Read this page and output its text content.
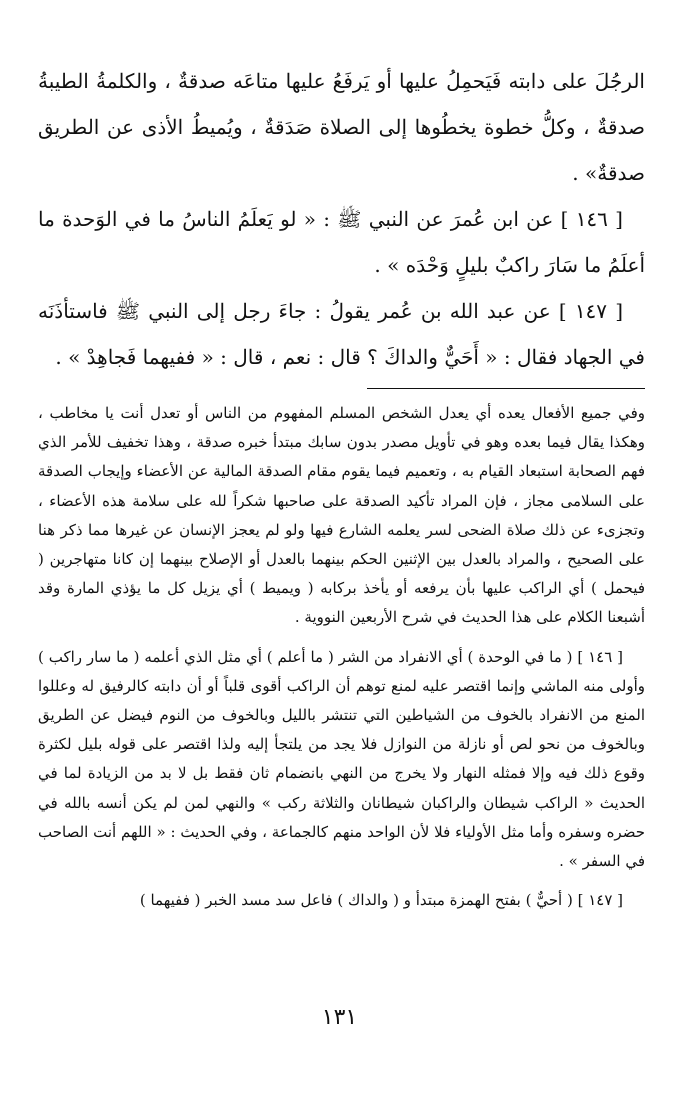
الرجُلَ على دابته فَيَحمِلُ عليها أو يَرفَعُ عليها متاعَه صدقةٌ ، والكلمةُ الطيبةُ صدقةٌ ، وكلُّ خطوة يخطُوها إلى الصلاة صَدَقةٌ ، ويُميطُ الأذى عن الطريق صدقةٌ» .

[ ١٤٦ ] عن ابن عُمرَ عن النبي ﷺ : « لو يَعلَمُ الناسُ ما في الوَحدة ما أعلَمُ ما سَارَ راكبٌ بليلٍ وَحْدَه » .

[ ١٤٧ ] عن عبد الله بن عُمر يقولُ : جاءَ رجل إلى النبي ﷺ فاستأذَنَه في الجهاد فقال : « أَحَيٌّ والداكَ ؟ قال : نعم ، قال : « ففيهما فَجاهِدْ » .

وفي جميع الأفعال يعده أي يعدل الشخص المسلم المفهوم من الناس أو تعدل أنت يا مخاطب ، وهكذا يقال فيما بعده وهو في تأويل مصدر بدون سابك مبتدأ خبره صدقة ، وهذا تخفيف للأمر الذي فهم الصحابة استبعاد القيام به ، وتعميم فيما يقوم مقام الصدقة المالية عن الأعضاء وإيجاب الصدقة على السلامى مجاز ، فإن المراد تأكيد الصدقة على صاحبها شكراً لله على سلامة هذه الأعضاء ، وتجزىء عن ذلك صلاة الضحى لسر يعلمه الشارع فيها ولو لم يعجز الإنسان عن غيرها مما ذكر هنا على الصحيح ، والمراد بالعدل بين الإثنين الحكم بينهما بالعدل أو الإصلاح بينهما إن كانا متهاجرين ( فيحمل ) أي الراكب عليها بأن يرفعه أو يأخذ بركابه ( ويميط ) أي يزيل كل ما يؤذي المارة وقد أشبعنا الكلام على هذا الحديث في شرح الأربعين النووية .

[ ١٤٦ ] ( ما في الوحدة ) أي الانفراد من الشر ( ما أعلم ) أي مثل الذي أعلمه ( ما سار راكب ) وأولى منه الماشي وإنما اقتصر عليه لمنع توهم أن الراكب أقوى قلباً أو أن دابته كالرفيق له وعللوا المنع من الانفراد بالخوف من الشياطين التي تنتشر بالليل وبالخوف من النوم فيضل عن الطريق وبالخوف من نحو لص أو نازلة من النوازل فلا يجد من يلتجأ إليه ولذا اقتصر على قوله بليل لكثرة وقوع ذلك فيه وإلا فمثله النهار ولا يخرج من النهي بانضمام ثان فقط بل لا بد من الزيادة لما في الحديث « الراكب شيطان والراكبان شيطانان والثلاثة ركب » والنهي لمن لم يكن أنسه بالله في حضره وسفره وأما مثل الأولياء فلا لأن الواحد منهم كالجماعة ، وفي الحديث : « اللهم أنت الصاحب في السفر » .

[ ١٤٧ ] ( أحيٌّ ) بفتح الهمزة مبتدأ و ( والداك ) فاعل سد مسد الخبر ( ففيهما )

١٣١
